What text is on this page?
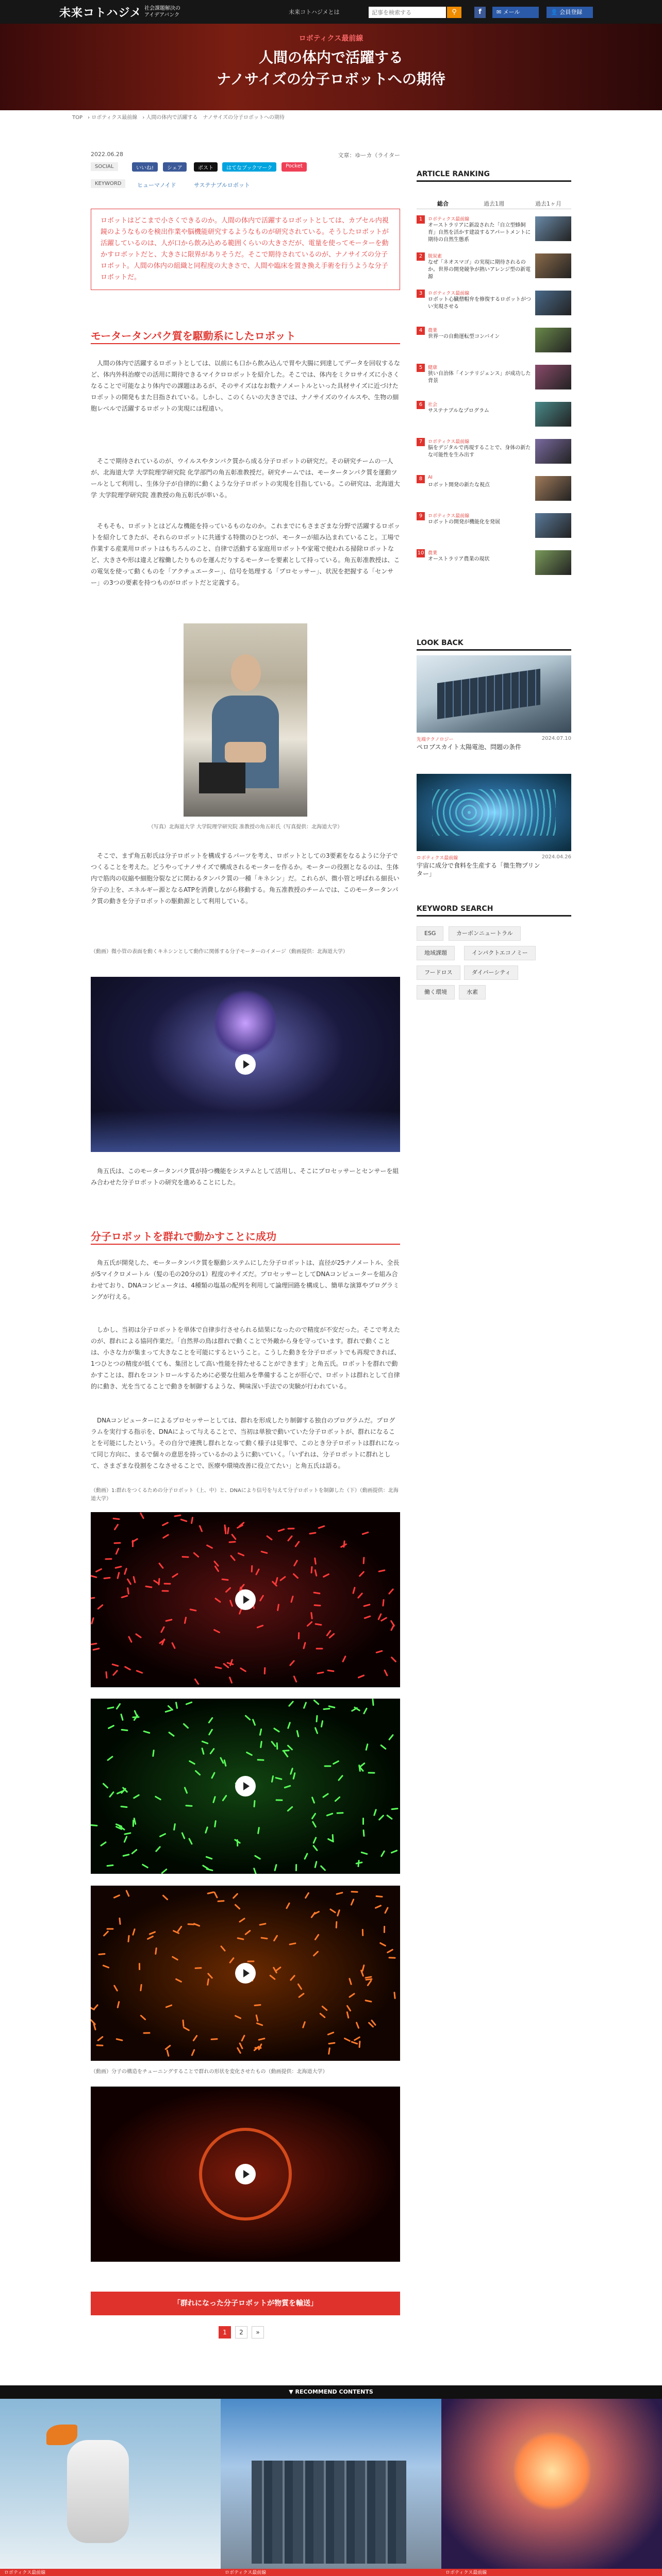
未来コトハジメ 社会課題解決の
アイデアバンク
記事を検索する	⚲
未来コトハジメとは	f	✉ メール	👤 会員登録
ロボティクス最前線
人間の体内で活躍する
ナノサイズの分子ロボットへの期待
TOP › ロボティクス最前線 › 人間の体内で活躍する　ナノサイズの分子ロボットへの期待
2022.06.28	文章：ゆーカ（ライター
SOCIAL	いいね!	シェア	ポスト	はてなブックマーク	Pocket
KEYWORD	ヒューマノイド	サステナブルロボット
ロボットはどこまで小さくできるのか。人間の体内で活躍するロボットとしては、カプセル内視鏡のようなものを検出作業や脳機能研究するようなものが研究されている。そうしたロボットが活躍しているのは、人が口から飲み込める範囲くらいの大きさだが、電量を使ってモーターを動かすロボットだと、大きさに限界がありそうだ。そこで期待されているのが、ナノサイズの分子ロボット。人間の体内の組織と同程度の大きさで、人間や臨床を置き換え手術を行うような分子ロボットだ。
モータータンパク質を駆動系にしたロボット
人間の体内で活躍するロボットとしては、以前にも口から飲み込んで胃や大腸に到達してデータを回収するなど、体内外科治療での活用に期待できるマイクロロボットを紹介した。そこでは、体内をミクロサイズに小さくなることで可能なより体内での課題はあるが、そのサイズはなお数ナノメートルといった具材サイズに近づけたロボットの開発もまた目指されている。しかし、このくらいの大きさでは、ナノサイズのウイルスや、生物の細胞レベルで活躍するロボットの実現には程遠い。
そこで期待されているのが、ウイルスやタンパク質から成る分子ロボットの研究だ。その研究チームの一人が、北海道大学 大学院理学研究院 化学部門の角五彰准教授だ。研究チームでは、モータータンパク質を運動ツールとして利用し、生体分子が自律的に動くような分子ロボットの実現を目指している。この研究は、北海道大学 大学院理学研究院 准教授の角五彰氏が率いる。
そもそも、ロボットとはどんな機能を持っているものなのか。これまでにもさまざまな分野で活躍するロボットを紹介してきたが、それらのロボットに共通する特徴のひとつが、モーターが組み込まれていること。工場で作業する産業用ロボットはもちろんのこと、自律で活動する家庭用ロボットや家電で使われる掃除ロボットなど、大きさや形は違えど稼働したりものを運んだりするモーターを要素として持っている。角五彰准教授は、この電気を使って動くものを「アクチュエーター」、信号を処理する「プロセッサー」、状況を把握する「センサー」の3つの要素を持つものがロボットだと定義する。
（写真）北海道大学 大学院理学研究院 准教授の角五彰氏（写真提供：北海道大学）
そこで、まず角五彰氏は分子ロボットを構成するパーツを考え、ロボットとしての3要素をなるように分子でつくることを考えた。どうやってナノサイズで構成されるモーターを作るか。モーターの役割となるのは、生体内で筋肉の収縮や細胞分裂などに関わるタンパク質の一種「キネシン」だ。これらが、微小管と呼ばれる細長い分子の上を、エネルギー源となるATPを消費しながら移動する。角五准教授のチームでは、このモータータンパク質の動きを分子ロボットの駆動源として利用している。
（動画）微小管の表面を動くキネシンとして動作に関係する分子モーターのイメージ（動画提供：北海道大学）
角五氏は、このモータータンパク質が持つ機能をシステムとして活用し、そこにプロセッサーとセンサーを組み合わせた分子ロボットの研究を進めることにした。
分子ロボットを群れで動かすことに成功
角五氏が開発した、モータータンパク質を駆動システムにした分子ロボットは、直径が25ナノメートル、全長が5マイクロメートル（髪の毛の20分の1）程度のサイズだ。プロセッサーとしてDNAコンピューターを組み合わせており、DNAコンピュータは、4種類の塩基の配列を利用して論理回路を構成し、簡単な演算やプログラミングが行える。
しかし、当初は分子ロボットを単体で自律歩行させられる結果になったので精度が不安だった。そこで考えたのが、群れによる協同作業だ。「自然界の鳥は群れで動くことで外敵から身を守っています。群れで動くことは、小さな力が集まって大きなことを可能にするということ。こうした動きを分子ロボットでも再現できれば、1つひとつの精度が低くても、集団として高い性能を持たせることができます」と角五氏。ロボットを群れで動かすことは、群れをコントロールするために必要な仕組みを準備することが肝心で、ロボットは群れとして自律的に動き、光を当てることで動きを制御するような、興味深い手法での実験が行われている。
DNAコンピューターによるプロセッサーとしては、群れを形成したり制御する独自のプログラムだ。プログラムを実行する指示を、DNAによって与えることで、当初は単独で動いていた分子ロボットが、群れになることを可能にしたという。その自分で連携し群れとなって動く様子は見事で、このとき分子ロボットは群れになって同じ方向に、まるで個々の意思を持っているかのように動いていく。「いずれは、分子ロボットに群れとして、さまざまな役割をこなさせることで、医療や環境改善に役立てたい」と角五氏は語る。
（動画）1:群れをつくるための分子ロボット（上、中）と、DNAにより信号を与えて分子ロボットを制御した（下）（動画提供：北海道大学）
（動画）分子の構造をチューニングすることで群れの形状を変化させたもの（動画提供：北海道大学）
「群れになった分子ロボットが物質を輸送」
1	2	»
ARTICLE RANKING
総合	過去1週	過去1ヶ月
1	ロボティクス最前線
オーストラリアに新設された「自立型蜂飼育」自然を活かす建設するアパートメントに期待の自然生態系
2	脱炭素
なぜ「ネオスマゴ」の実現に期待されるのか。世界の開発競争が熱いアレンジ型の新電源
3	ロボティクス最前線
ロボット心臓僧帽弁を修復するロボットがつい実現させる
4	農業
世界一の自動運転型コンバイン
5	健康
狭い自治体「インテリジェンス」が成功した背景
6	社会
サステナブルなプログラム
7	ロボティクス最前線
脳をデジタルで再現することで、身体の新たな可能性を生み出す
8	AI
ロボット開発の新たな視点
9	ロボティクス最前線
ロボットの開発が機能化を発展
10 農業
オーストラリア農業の現状
LOOK BACK
先端テクノロジー
ペロブスカイト太陽電池、問題の条件
2024.07.10
ロボティクス最前線
宇宙に成分で食料を生産する「微生物プリンター」
2024.04.26
KEYWORD SEARCH
ESG	カーボンニュートラル
地域課題	インパクトエコノミー
フードロス	ダイバーシティ
働く環境	水素
▼ RECOMMEND CONTENTS
ロボティクス最前線	ロボティクス最前線	ロボティクス最前線
